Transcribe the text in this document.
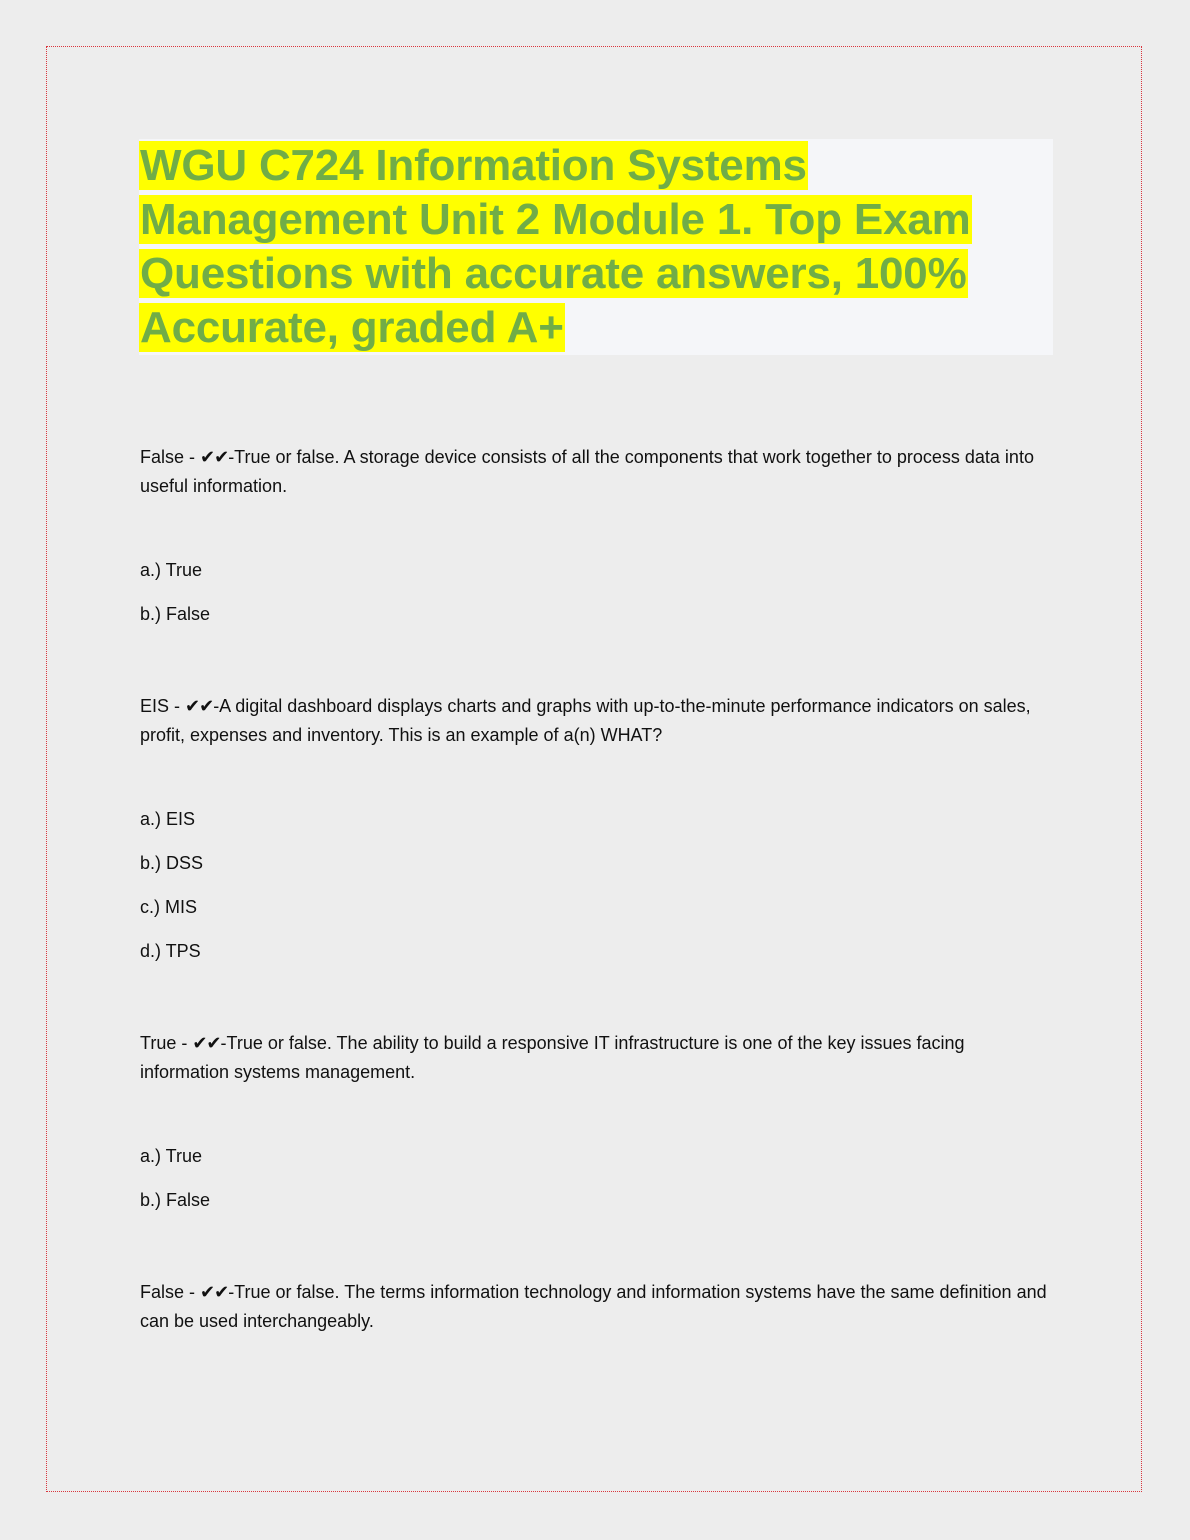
WGU C724 Information Systems
Management Unit 2 Module 1. Top Exam
Questions with accurate answers, 100%
Accurate, graded A+

False - ✔✔-True or false. A storage device consists of all the components that work together to process data into useful information.

a.) True

b.) False

EIS - ✔✔-A digital dashboard displays charts and graphs with up-to-the-minute performance indicators on sales, profit, expenses and inventory. This is an example of a(n) WHAT?

a.) EIS

b.) DSS

c.) MIS

d.) TPS

True - ✔✔-True or false. The ability to build a responsive IT infrastructure is one of the key issues facing information systems management.

a.) True

b.) False

False - ✔✔-True or false. The terms information technology and information systems have the same definition and can be used interchangeably.
